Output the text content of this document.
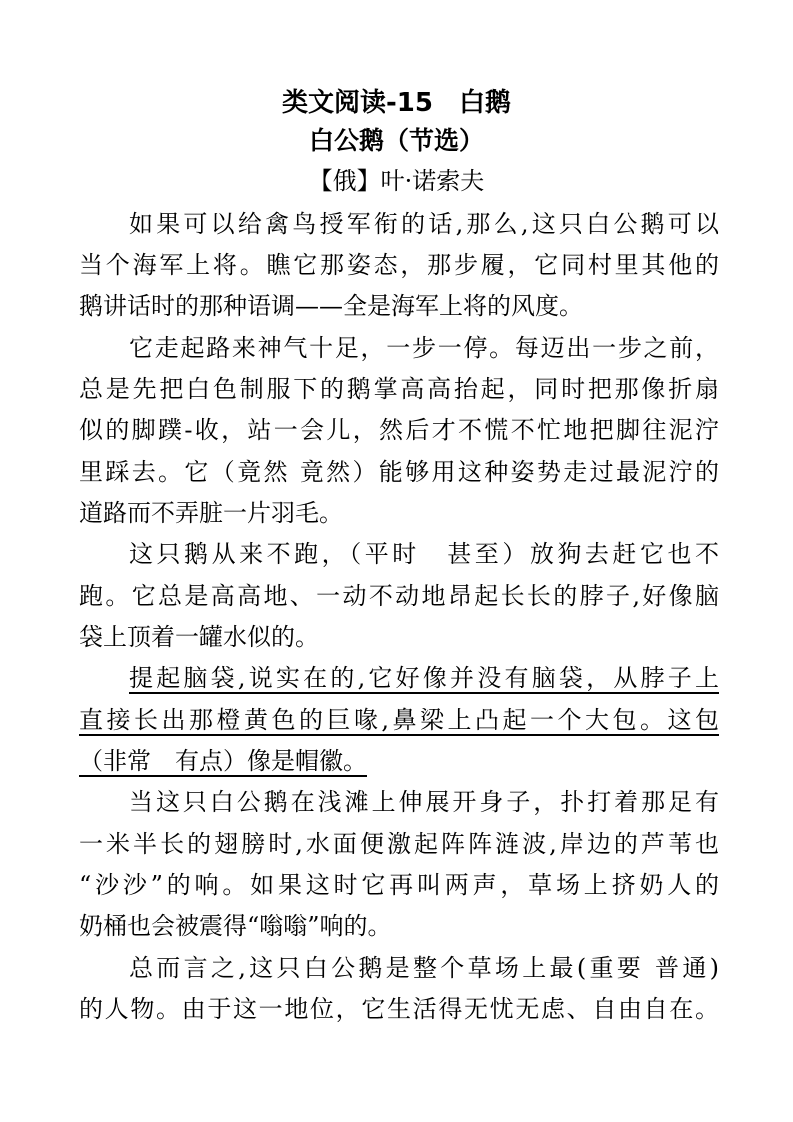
类文阅读-15　白鹅
白公鹅（节选）
【俄】叶·诺索夫
如果可以给禽鸟授军衔的话,那么,这只白公鹅可以
当个海军上将。瞧它那姿态，那步履，它同村里其他的
鹅讲话时的那种语调——全是海军上将的风度。
它走起路来神气十足，一步一停。每迈出一步之前，
总是先把白色制服下的鹅掌高高抬起，同时把那像折扇
似的脚蹼-收，站一会儿，然后才不慌不忙地把脚往泥泞
里踩去。它（竟然 竟然）能够用这种姿势走过最泥泞的
道路而不弄脏一片羽毛。
这只鹅从来不跑，（平时　甚至）放狗去赶它也不
跑。它总是高高地、一动不动地昂起长长的脖子,好像脑
袋上顶着一罐水似的。
提起脑袋,说实在的,它好像并没有脑袋，从脖子上
直接长出那橙黄色的巨喙,鼻梁上凸起一个大包。这包
（非常　有点）像是帽徽。
当这只白公鹅在浅滩上伸展开身子，扑打着那足有
一米半长的翅膀时,水面便激起阵阵涟波,岸边的芦苇也
“沙沙”的响。如果这时它再叫两声，草场上挤奶人的
奶桶也会被震得“嗡嗡”响的。
总而言之,这只白公鹅是整个草场上最(重要 普通)
的人物。由于这一地位，它生活得无忧无虑、自由自在。
